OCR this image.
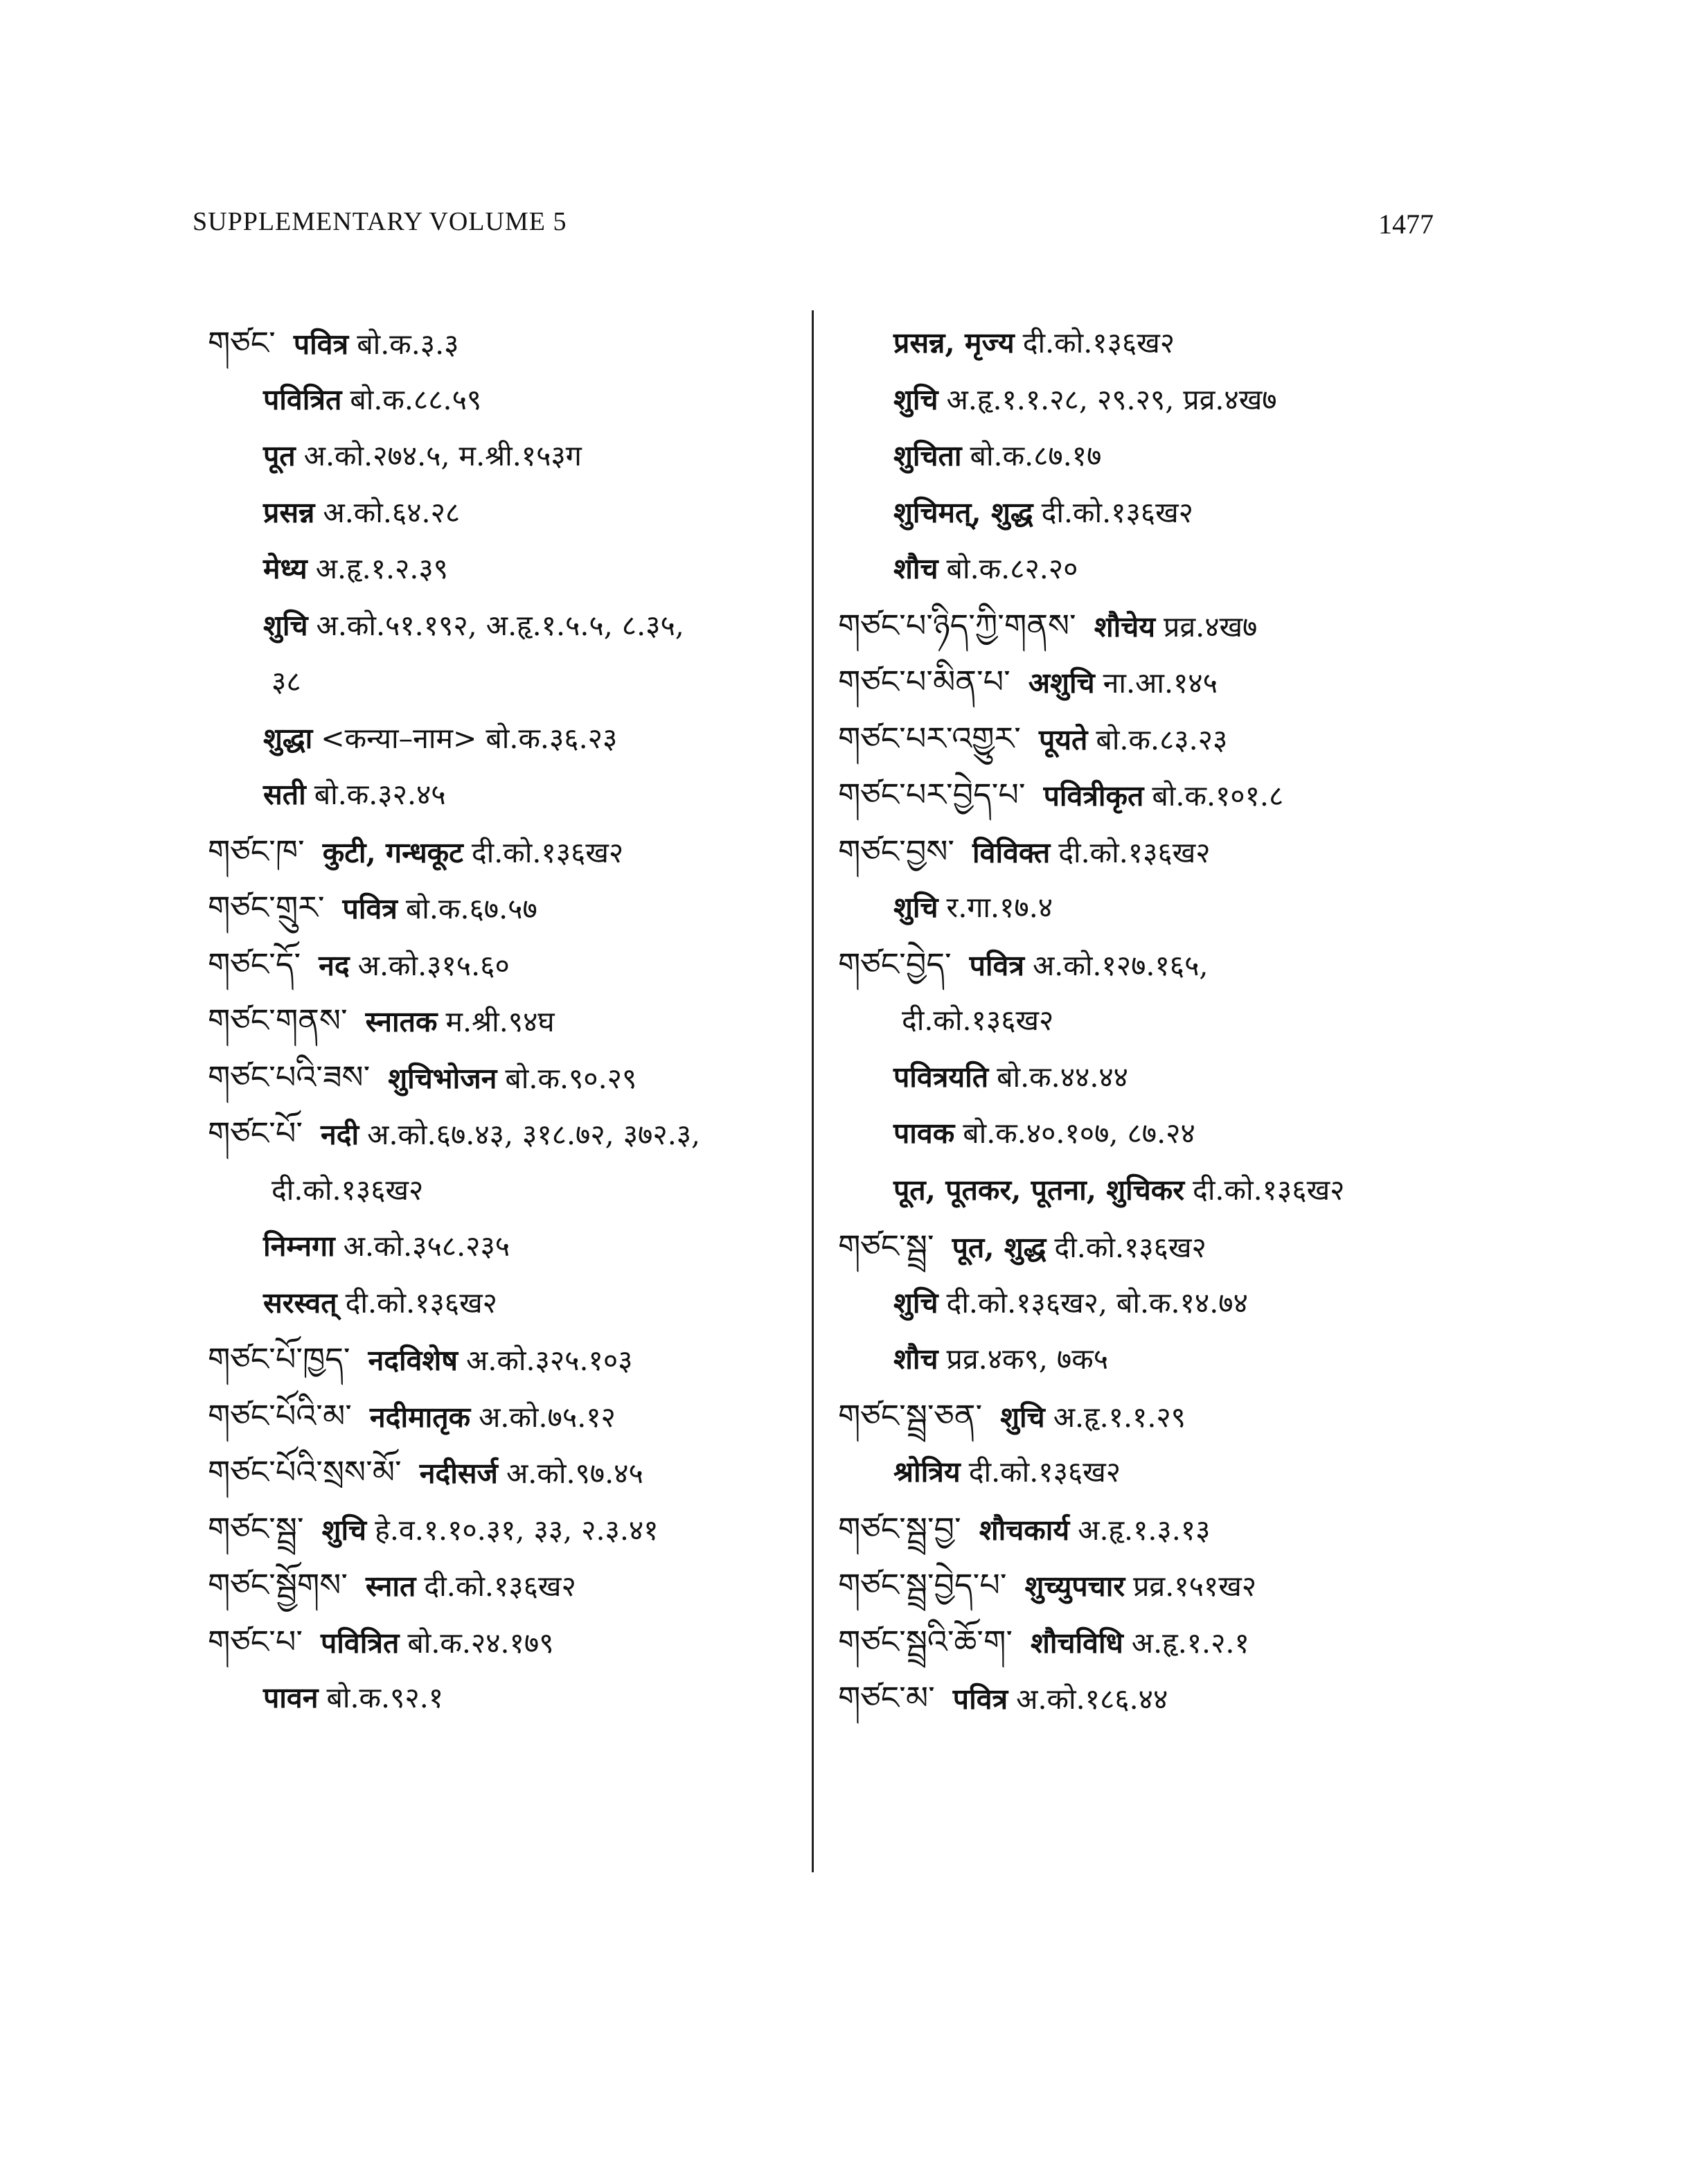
SUPPLEMENTARY VOLUME 5	1477
གཙང་ पवित्र बो.क.३.३
पवित्रित बो.क.८८.५९
पूत अ.को.२७४.५, म.श्री.१५३ग
प्रसन्न अ.को.६४.२८
मेध्य अ.हृ.१.२.३९
शुचि अ.को.५१.१९२, अ.हृ.१.५.५, ८.३५,
३८
शुद्धा <कन्या–नाम> बो.क.३६.२३
सती बो.क.३२.४५
གཙང་ཁ་ कुटी, गन्धकूट दी.को.१३६ख२
གཙང་གྲུར་ पवित्र बो.क.६७.५७
གཙང་དོ་ नद अ.को.३१५.६०
གཙང་གནས་ स्नातक म.श्री.९४घ
གཙང་པའི་ཟས་ शुचिभोजन बो.क.९०.२९
གཙང་པོ་ नदी अ.को.६७.४३, ३१८.७२, ३७२.३,
दी.को.१३६ख२
निम्नगा अ.को.३५८.२३५
सरस्वत् दी.को.१३६ख२
གཙང་པོ་ཁྱད་ नदविशेष अ.को.३२५.१०३
གཙང་པོའི་མ་ नदीमातृक अ.को.७५.१२
གཙང་པོའི་སྲས་མོ་ नदीसर्ज अ.को.९७.४५
གཙང་སྦྲ་ शुचि हे.व.१.१०.३१, ३३, २.३.४१
གཙང་སྦྱོགས་ स्नात दी.को.१३६ख२
གཙང་པ་ पवित्रित बो.क.२४.१७९
पावन बो.क.९२.१
प्रसन्न, मृज्य दी.को.१३६ख२
शुचि अ.हृ.१.१.२८, २९.२९, प्रव्र.४ख७
शुचिता बो.क.८७.१७
शुचिमत्, शुद्ध दी.को.१३६ख२
शौच बो.क.८२.२०
གཙང་པ་ཉིད་ཀྱི་གནས་ शौचेय प्रव्र.४ख७
གཙང་པ་མིན་པ་ अशुचि ना.आ.१४५
གཙང་པར་འགྱུར་ पूयते बो.क.८३.२३
གཙང་པར་བྱེད་པ་ पवित्रीकृत बो.क.१०१.८
གཙང་བྱས་ विविक्त दी.को.१३६ख२
शुचि र.गा.१७.४
གཙང་བྱེད་ पवित्र अ.को.१२७.१६५,
दी.को.१३६ख२
पवित्रयति बो.क.४४.४४
पावक बो.क.४०.१०७, ८७.२४
पूत, पूतकर, पूतना, शुचिकर दी.को.१३६ख२
གཙང་སྦྲ་ पूत, शुद्ध दी.को.१३६ख२
शुचि दी.को.१३६ख२, बो.क.१४.७४
शौच प्रव्र.४क९, ७क५
གཙང་སྦྲ་ཅན་ शुचि अ.हृ.१.१.२९
श्रोत्रिय दी.को.१३६ख२
གཙང་སྦྲ་བྱ་ शौचकार्य अ.हृ.१.३.१३
གཙང་སྦྲ་བྱེད་པ་ शुच्युपचार प्रव्र.१५१ख२
གཙང་སྦྲའི་ཆོ་ག་ शौचविधि अ.हृ.१.२.१
གཙང་མ་ पवित्र अ.को.१८६.४४
